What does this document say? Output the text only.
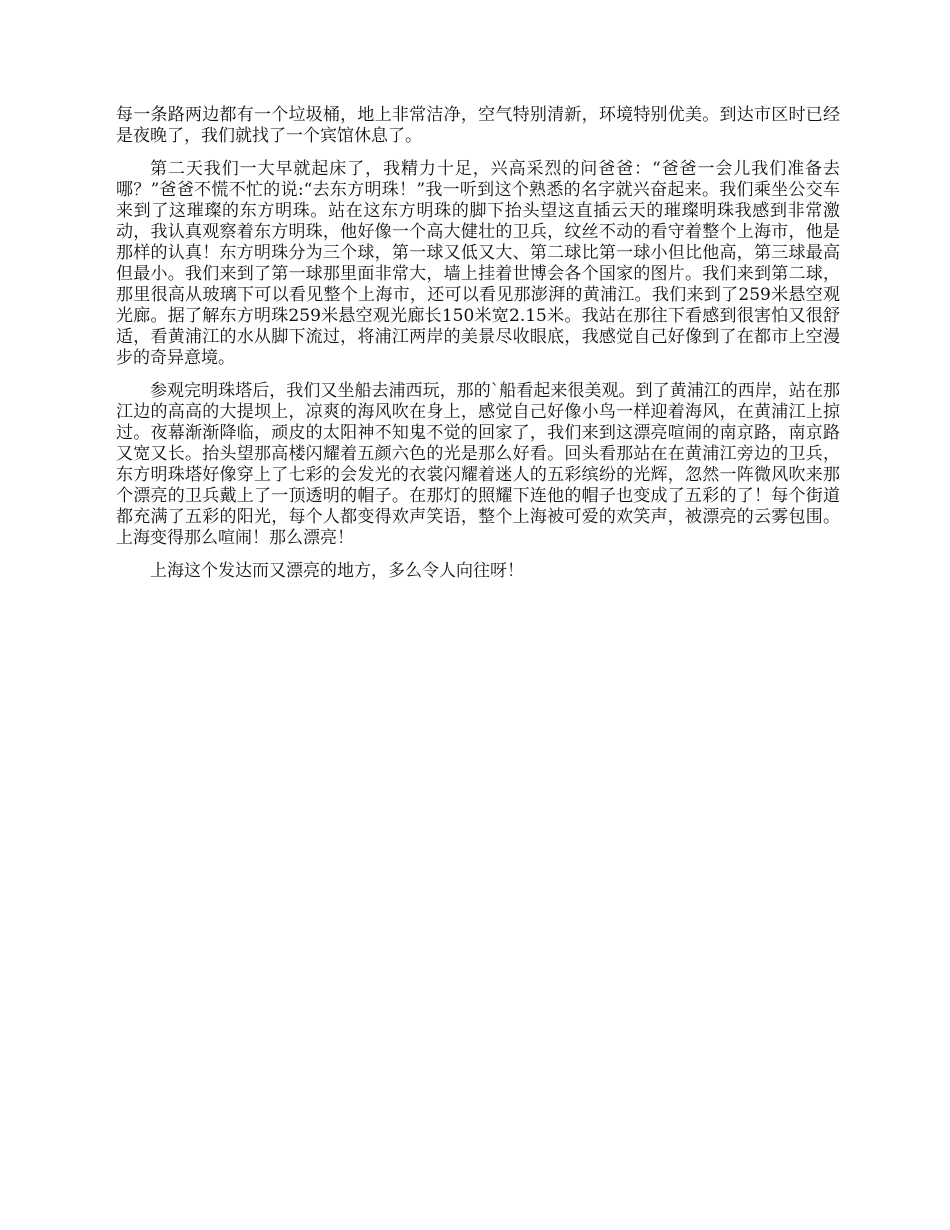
每一条路两边都有一个垃圾桶，地上非常洁净，空气特别清新，环境特别优美。到达市区时已经是夜晚了，我们就找了一个宾馆休息了。

第二天我们一大早就起床了，我精力十足，兴高采烈的问爸爸：“爸爸一会儿我们准备去哪？”爸爸不慌不忙的说:“去东方明珠！”我一听到这个熟悉的名字就兴奋起来。我们乘坐公交车来到了这璀璨的东方明珠。站在这东方明珠的脚下抬头望这直插云天的璀璨明珠我感到非常激动，我认真观察着东方明珠，他好像一个高大健壮的卫兵，纹丝不动的看守着整个上海市，他是那样的认真！东方明珠分为三个球，第一球又低又大、第二球比第一球小但比他高，第三球最高但最小。我们来到了第一球那里面非常大，墙上挂着世博会各个国家的图片。我们来到第二球，那里很高从玻璃下可以看见整个上海市，还可以看见那澎湃的黄浦江。我们来到了259米悬空观光廊。据了解东方明珠259米悬空观光廊长150米宽2.15米。我站在那往下看感到很害怕又很舒适，看黄浦江的水从脚下流过，将浦江两岸的美景尽收眼底，我感觉自己好像到了在都市上空漫步的奇异意境。

参观完明珠塔后，我们又坐船去浦西玩，那的`船看起来很美观。到了黄浦江的西岸，站在那江边的高高的大提坝上，凉爽的海风吹在身上，感觉自己好像小鸟一样迎着海风，在黄浦江上掠过。夜幕渐渐降临，顽皮的太阳神不知鬼不觉的回家了，我们来到这漂亮喧闹的南京路，南京路又宽又长。抬头望那高楼闪耀着五颜六色的光是那么好看。回头看那站在在黄浦江旁边的卫兵，东方明珠塔好像穿上了七彩的会发光的衣裳闪耀着迷人的五彩缤纷的光辉，忽然一阵微风吹来那个漂亮的卫兵戴上了一顶透明的帽子。在那灯的照耀下连他的帽子也变成了五彩的了！每个街道都充满了五彩的阳光，每个人都变得欢声笑语，整个上海被可爱的欢笑声，被漂亮的云雾包围。上海变得那么喧闹！那么漂亮！

上海这个发达而又漂亮的地方，多么令人向往呀！
